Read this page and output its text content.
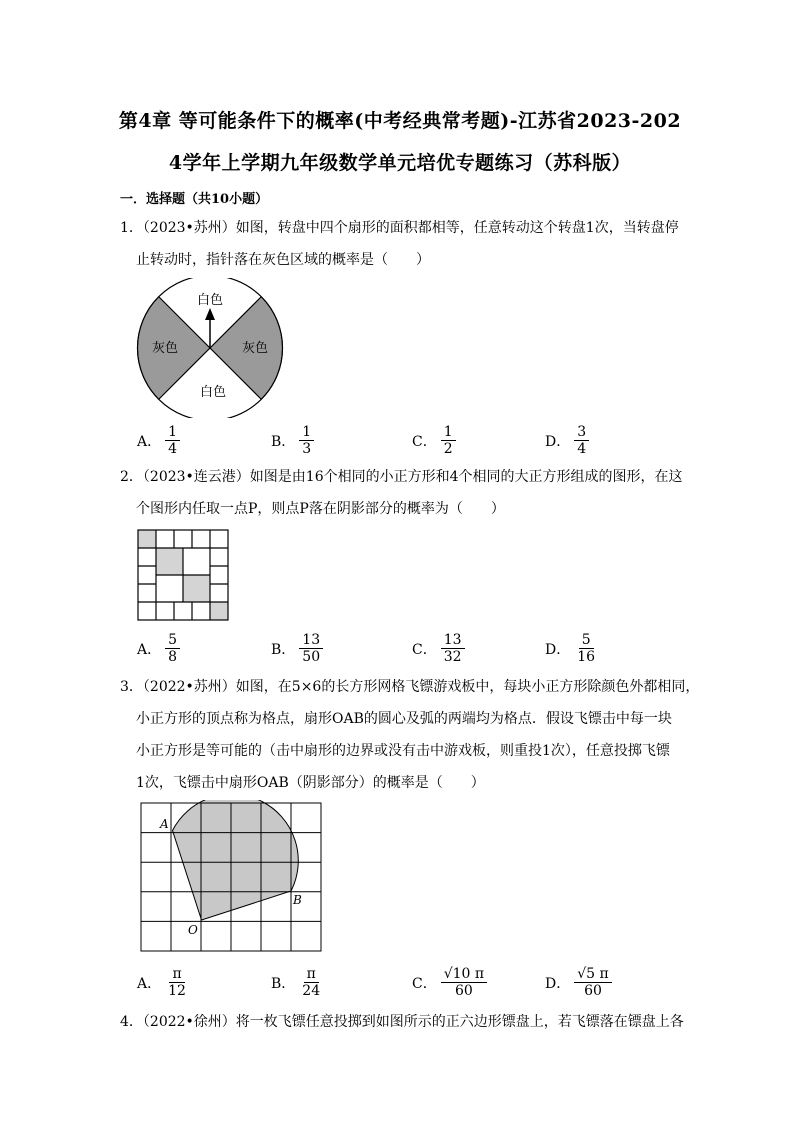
第4章 等可能条件下的概率(中考经典常考题)-江苏省2023-202
4学年上学期九年级数学单元培优专题练习（苏科版）
一．选择题（共10小题）
1．（2023•苏州）如图，转盘中四个扇形的面积都相等，任意转动这个转盘1次，当转盘停
止转动时，指针落在灰色区域的概率是（　　）
白色
灰色	灰色
白色
A． $\frac{1}{4}$	B． $\frac{1}{3}$	C． $\frac{1}{2}$	D． $\frac{3}{4}$
2．（2023•连云港）如图是由16个相同的小正方形和4个相同的大正方形组成的图形，在这
个图形内任取一点P，则点P落在阴影部分的概率为（　　）
A． $\frac{5}{8}$	B． $\frac{13}{50}$	C． $\frac{13}{32}$	D． $\frac{5}{16}$
3．（2022•苏州）如图，在5×6的长方形网格飞镖游戏板中，每块小正方形除颜色外都相同，
小正方形的顶点称为格点，扇形OAB的圆心及弧的两端均为格点．假设飞镖击中每一块
小正方形是等可能的（击中扇形的边界或没有击中游戏板，则重投1次），任意投掷飞镖
1次，飞镖击中扇形OAB（阴影部分）的概率是（　　）
A
B
O
A． $\frac{\pi}{12}$	B． $\frac{\pi}{24}$	C． $\frac{√10 \pi}{60}$	D． $\frac{√5 \pi}{60}$
4．（2022•徐州）将一枚飞镖任意投掷到如图所示的正六边形镖盘上，若飞镖落在镖盘上各
